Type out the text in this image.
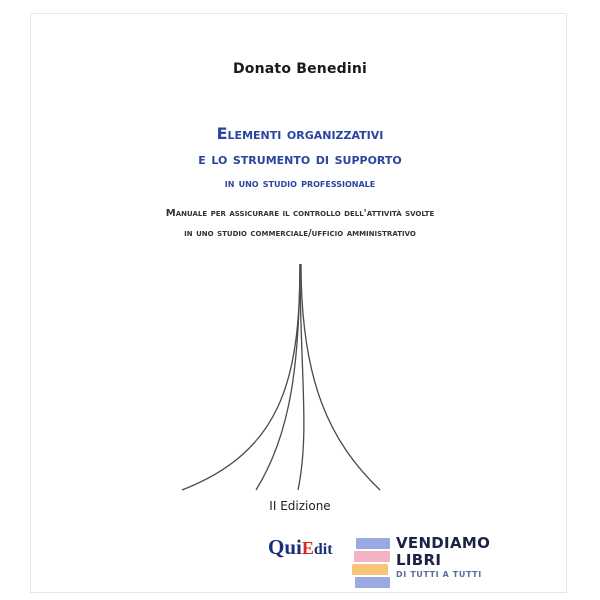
Donato Benedini
Elementi organizzativi
e lo strumento di supporto
in uno studio professionale
Manuale per assicurare il controllo dell'attività svolte
in uno studio commerciale/ufficio amministrativo
II Edizione
QuiEdit	VENDIAMO
LIBRI
DI TUTTI A TUTTI
